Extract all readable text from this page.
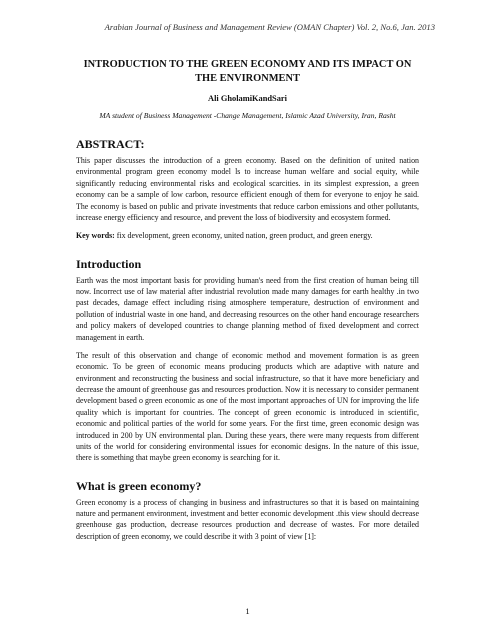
Arabian Journal of Business and Management Review (OMAN Chapter) Vol. 2, No.6, Jan. 2013
INTRODUCTION TO THE GREEN ECONOMY AND ITS IMPACT ON THE ENVIRONMENT
Ali GholamiKandSari
MA student of Business Management -Change Management, Islamic Azad University, Iran, Rasht
ABSTRACT:

This paper discusses the introduction of a green economy. Based on the definition of united nation environmental program green economy model ls to increase human welfare and social equity, while significantly reducing environmental risks and ecological scarcities. in its simplest expression, a green economy can be a sample of low carbon, resource efficient enough of them for everyone to enjoy he said. The economy is based on public and private investments that reduce carbon emissions and other pollutants, increase energy efficiency and resource, and prevent the loss of biodiversity and ecosystem formed.

Key words: fix development, green economy, united nation, green product, and green energy.

Introduction

Earth was the most important basis for providing human's need from the first creation of human being till now. Incorrect use of law material after industrial revolution made many damages for earth healthy .in two past decades, damage effect including rising atmosphere temperature, destruction of environment and pollution of industrial waste in one hand, and decreasing resources on the other hand encourage researchers and policy makers of developed countries to change planning method of fixed development and correct management in earth.

The result of this observation and change of economic method and movement formation is as green economic. To be green of economic means producing products which are adaptive with nature and environment and reconstructing the business and social infrastructure, so that it have more beneficiary and decrease the amount of greenhouse gas and resources production. Now it is necessary to consider permanent development based o green economic as one of the most important approaches of UN for improving the life quality which is important for countries. The concept of green economic is introduced in scientific, economic and political parties of the world for some years. For the first time, green economic design was introduced in 200 by UN environmental plan. During these years, there were many requests from different units of the world for considering environmental issues for economic designs. In the nature of this issue, there is something that maybe green economy is searching for it.

What is green economy?

Green economy is a process of changing in business and infrastructures so that it is based on maintaining nature and permanent environment, investment and better economic development .this view should decrease greenhouse gas production, decrease resources production and decrease of wastes. For more detailed description of green economy, we could describe it with 3 point of view [1]:

1
